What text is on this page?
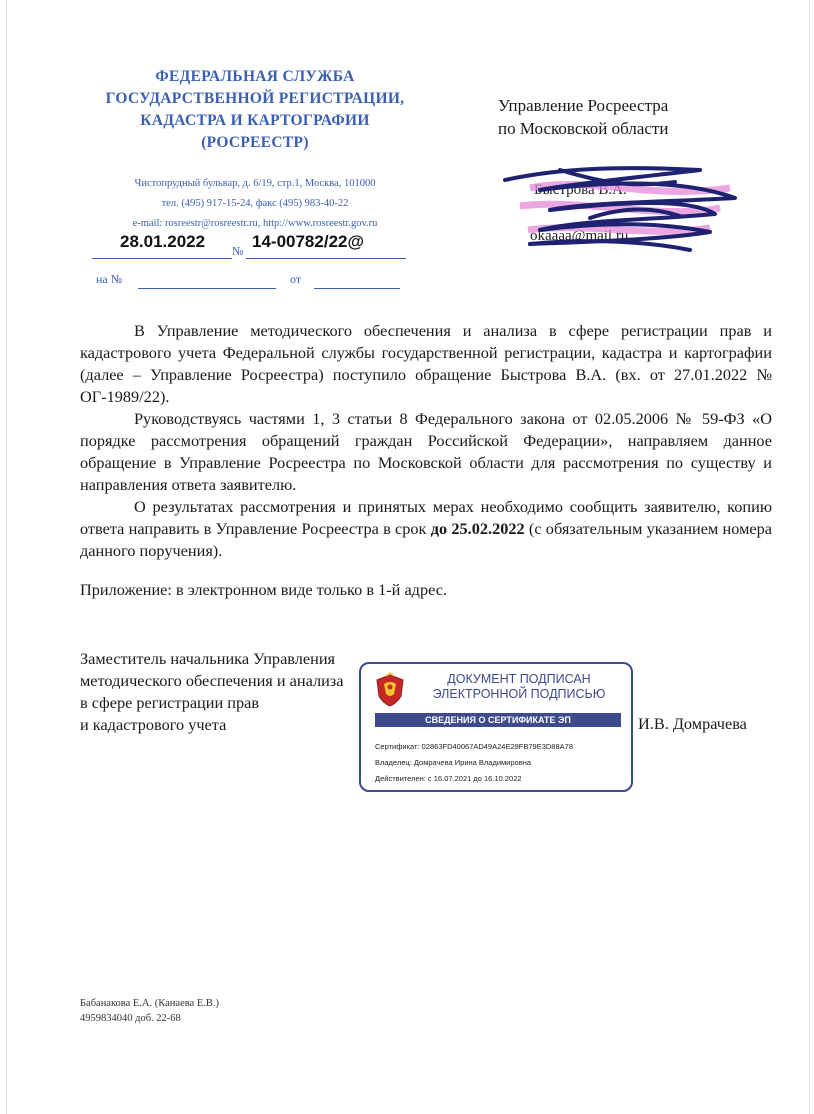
ФЕДЕРАЛЬНАЯ СЛУЖБА
ГОСУДАРСТВЕННОЙ РЕГИСТРАЦИИ,
КАДАСТРА И КАРТОГРАФИИ
(РОСРЕЕСТР)
Чистопрудный бульвар, д. 6/19, стр.1, Москва, 101000
тел. (495) 917-15-24, факс (495) 983-40-22
e-mail: rosreestr@rosreestr.ru, http://www.rosreestr.gov.ru
28.01.2022 № 14-00782/22@
на №	от
Управление Росреестра
по Московской области
Быстрова В.А.
okaaaa@mail.ru

В Управление методического обеспечения и анализа в сфере регистрации прав и кадастрового учета Федеральной службы государственной регистрации, кадастра и картографии (далее – Управление Росреестра) поступило обращение Быстрова В.А. (вх. от 27.01.2022 № ОГ-1989/22).

Руководствуясь частями 1, 3 статьи 8 Федерального закона от 02.05.2006 № 59-ФЗ «О порядке рассмотрения обращений граждан Российской Федерации», направляем данное обращение в Управление Росреестра по Московской области для рассмотрения по существу и направления ответа заявителю.

О результатах рассмотрения и принятых мерах необходимо сообщить заявителю, копию ответа направить в Управление Росреестра в срок до 25.02.2022 (с обязательным указанием номера данного поручения).

Приложение: в электронном виде только в 1-й адрес.
Заместитель начальника Управления
методического обеспечения и анализа
в сфере регистрации прав
и кадастрового учета	И.В. Домрачева
ДОКУМЕНТ ПОДПИСАН
ЭЛЕКТРОННОЙ ПОДПИСЬЮ
СВЕДЕНИЯ О СЕРТИФИКАТЕ ЭП
Сертификат: 02863FD40067AD49A24E29FB79E3D88A78
Владелец: Домрачева Ирина Владимировна
Действителен: с 16.07.2021 до 16.10.2022
Бабанакова Е.А. (Канаева Е.В.)
4959834040 доб. 22-68
